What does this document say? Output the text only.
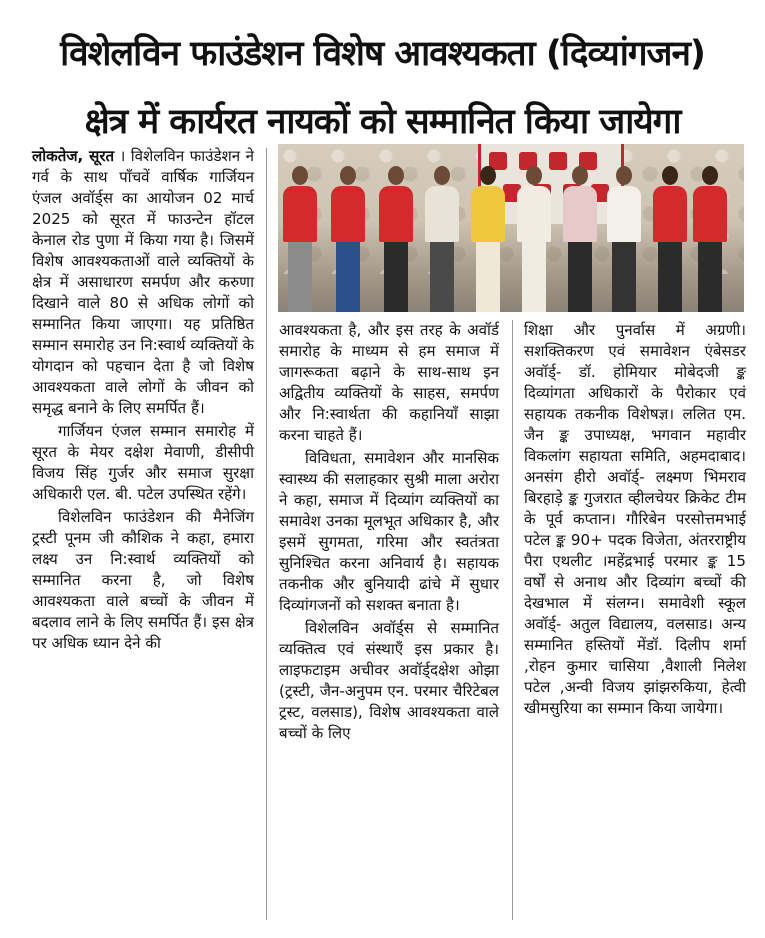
विशेलविन फाउंडेशन विशेष आवश्यकता (दिव्यांगजन)
क्षेत्र में कार्यरत नायकों को सम्मानित किया जायेगा

लोकतेज, सूरत । विशेलविन फाउंडेशन ने गर्व के साथ पाँचवें वार्षिक गार्जियन एंजल अवॉर्ड्स का आयोजन 02 मार्च 2025 को सूरत में फाउन्टेन हॉटल केनाल रोड पुणा में किया गया है। जिसमें विशेष आवश्यकताओं वाले व्यक्तियों के क्षेत्र में असाधारण समर्पण और करुणा दिखाने वाले 80 से अधिक लोगों को सम्मानित किया जाएगा। यह प्रतिष्ठित सम्मान समारोह उन नि:स्वार्थ व्यक्तियों के योगदान को पहचान देता है जो विशेष आवश्यकता वाले लोगों के जीवन को समृद्ध बनाने के लिए समर्पित हैं।

गार्जियन एंजल सम्मान समारोह में सूरत के मेयर दक्षेश मेवाणी, डीसीपी विजय सिंह गुर्जर और समाज सुरक्षा अधिकारी एल. बी. पटेल उपस्थित रहेंगे।

विशेलविन फाउंडेशन की मैनेजिंग ट्रस्टी पूनम जी कौशिक ने कहा, हमारा लक्ष्य उन नि:स्वार्थ व्यक्तियों को सम्मानित करना है, जो विशेष आवश्यकता वाले बच्चों के जीवन में बदलाव लाने के लिए समर्पित हैं। इस क्षेत्र पर अधिक ध्यान देने की

आवश्यकता है, और इस तरह के अवॉर्ड समारोह के माध्यम से हम समाज में जागरूकता बढ़ाने के साथ-साथ इन अद्वितीय व्यक्तियों के साहस, समर्पण और नि:स्वार्थता की कहानियाँ साझा करना चाहते हैं।

विविधता, समावेशन और मानसिक स्वास्थ्य की सलाहकार सुश्री माला अरोरा ने कहा, समाज में दिव्यांग व्यक्तियों का समावेश उनका मूलभूत अधिकार है, और इसमें सुगमता, गरिमा और स्वतंत्रता सुनिश्चित करना अनिवार्य है। सहायक तकनीक और बुनियादी ढांचे में सुधार दिव्यांगजनों को सशक्त बनाता है।

विशेलविन अवॉर्ड्स से सम्मानित व्यक्तित्व एवं संस्थाएँ इस प्रकार है। लाइफटाइम अचीवर अवॉर्ड्दक्षेश ओझा (ट्रस्टी, जैन-अनुपम एन. परमार चैरिटेबल ट्रस्ट, वलसाड), विशेष आवश्यकता वाले बच्चों के लिए

शिक्षा और पुनर्वास में अग्रणी। सशक्तिकरण एवं समावेशन एंबेसडर अवॉर्ड्- डॉ. होमियार मोबेदजी ङ्क दिव्यांगता अधिकारों के पैरोकार एवं सहायक तकनीक विशेषज्ञ। ललित एम. जैन ङ्क उपाध्यक्ष, भगवान महावीर विकलांग सहायता समिति, अहमदाबाद। अनसंग हीरो अवॉर्ड्- लक्ष्मण भिमराव बिरहाड़े ङ्क गुजरात व्हीलचेयर क्रिकेट टीम के पूर्व कप्तान। गौरिबेन परसोत्तमभाई पटेल ङ्क 90+ पदक विजेता, अंतरराष्ट्रीय पैरा एथलीट ।महेंद्रभाई परमार ङ्क 15 वर्षों से अनाथ और दिव्यांग बच्चों की देखभाल में संलग्न। समावेशी स्कूल अवॉर्ड्- अतुल विद्यालय, वलसाड। अन्य सम्मानित हस्तियों मेंडॉ. दिलीप शर्मा ,रोहन कुमार चासिया ,वैशाली निलेश पटेल ,अन्वी विजय झांझरुकिया, हेत्वी खीमसुरिया का सम्मान किया जायेगा।
